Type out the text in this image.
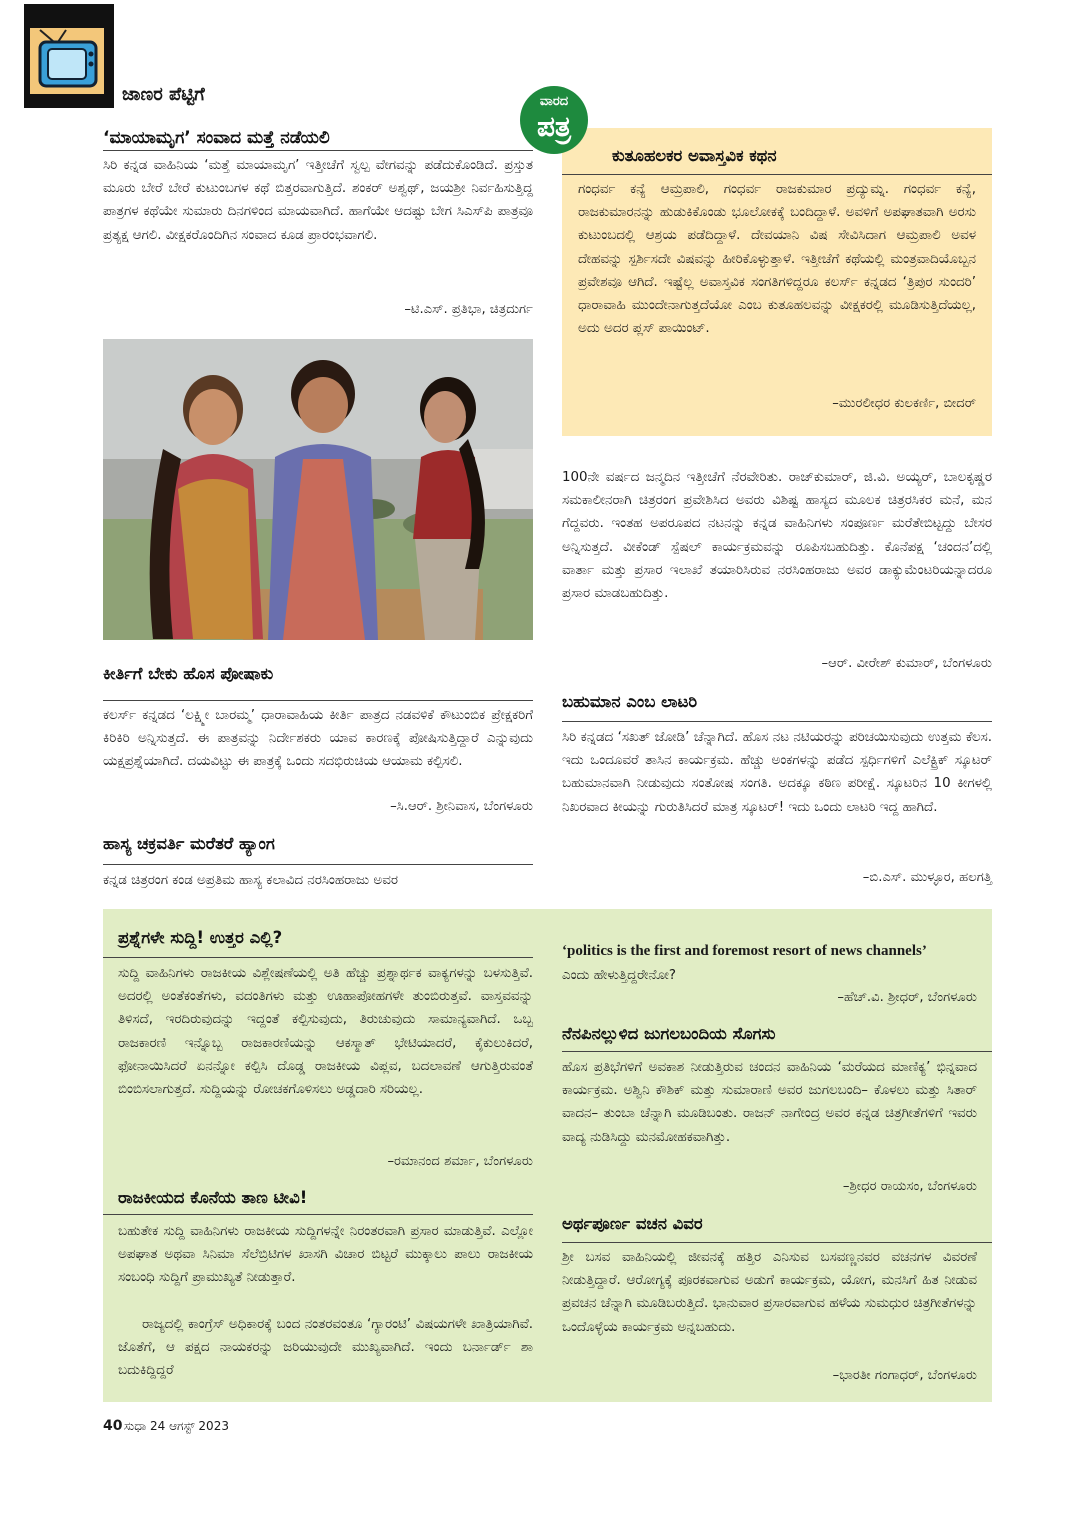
ಜಾಣರ ಪೆಟ್ಟಿಗೆ
‘ಮಾಯಾಮೃಗ’ ಸಂವಾದ ಮತ್ತೆ ನಡೆಯಲಿ

ಸಿರಿ ಕನ್ನಡ ವಾಹಿನಿಯ ‘ಮತ್ತೆ ಮಾಯಾಮೃಗ’ ಇತ್ತೀಚೆಗೆ ಸ್ವಲ್ಪ ವೇಗವನ್ನು ಪಡೆದುಕೊಂಡಿದೆ. ಪ್ರಸ್ತುತ ಮೂರು ಬೇರೆ ಬೇರೆ ಕುಟುಂಬಗಳ ಕಥೆ ಬಿತ್ತರವಾಗುತ್ತಿದೆ. ಶಂಕರ್ ಅಶ್ವಥ್, ಜಯಶ್ರೀ ನಿರ್ವಹಿಸುತ್ತಿದ್ದ ಪಾತ್ರಗಳ ಕಥೆಯೇ ಸುಮಾರು ದಿನಗಳಿಂದ ಮಾಯವಾಗಿದೆ. ಹಾಗೆಯೇ ಆದಷ್ಟು ಬೇಗ ಸಿಎಸ್‌ಪಿ ಪಾತ್ರವೂ ಪ್ರತ್ಯಕ್ಷ ಆಗಲಿ. ವೀಕ್ಷಕರೊಂದಿಗಿನ ಸಂವಾದ ಕೂಡ ಪ್ರಾರಂಭವಾಗಲಿ.

–ಟಿ.ಎಸ್. ಪ್ರತಿಭಾ, ಚಿತ್ರದುರ್ಗ

ಕೀರ್ತಿಗೆ ಬೇಕು ಹೊಸ ಪೋಷಾಕು

ಕಲರ್ಸ್ ಕನ್ನಡದ ‘ಲಕ್ಷ್ಮೀ ಬಾರಮ್ಮ’ ಧಾರಾವಾಹಿಯ ಕೀರ್ತಿ ಪಾತ್ರದ ನಡವಳಿಕೆ ಕೌಟುಂಬಿಕ ಪ್ರೇಕ್ಷಕರಿಗೆ ಕಿರಿಕಿರಿ ಅನ್ನಿಸುತ್ತದೆ. ಈ ಪಾತ್ರವನ್ನು ನಿರ್ದೇಶಕರು ಯಾವ ಕಾರಣಕ್ಕೆ ಪೋಷಿಸುತ್ತಿದ್ದಾರೆ ಎನ್ನುವುದು ಯಕ್ಷಪ್ರಶ್ನೆಯಾಗಿದೆ. ದಯವಿಟ್ಟು ಈ ಪಾತ್ರಕ್ಕೆ ಒಂದು ಸದಭಿರುಚಿಯ ಆಯಾಮ ಕಲ್ಪಿಸಲಿ.

–ಸಿ.ಆರ್. ಶ್ರೀನಿವಾಸ, ಬೆಂಗಳೂರು

ಹಾಸ್ಯ ಚಕ್ರವರ್ತಿ ಮರೆತರೆ ಹ್ಯಾಂಗ

ಕನ್ನಡ ಚಿತ್ರರಂಗ ಕಂಡ ಅಪ್ರತಿಮ ಹಾಸ್ಯ ಕಲಾವಿದ ನರಸಿಂಹರಾಜು ಅವರ

ವಾರದ
ಪತ್ರ
ಕುತೂಹಲಕರ ಅವಾಸ್ತವಿಕ ಕಥನ

ಗಂಧರ್ವ ಕನ್ಯೆ ಆಮ್ರಪಾಲಿ, ಗಂಧರ್ವ ರಾಜಕುಮಾರ ಪ್ರದ್ಯುಮ್ನ. ಗಂಧರ್ವ ಕನ್ಯೆ, ರಾಜಕುಮಾರನನ್ನು ಹುಡುಕಿಕೊಂಡು ಭೂಲೋಕಕ್ಕೆ ಬಂದಿದ್ದಾಳೆ. ಅವಳಿಗೆ ಅಪಘಾತವಾಗಿ ಅರಸು ಕುಟುಂಬದಲ್ಲಿ ಆಶ್ರಯ ಪಡೆದಿದ್ದಾಳೆ. ದೇವಯಾನಿ ವಿಷ ಸೇವಿಸಿದಾಗ ಆಮ್ರಪಾಲಿ ಅವಳ ದೇಹವನ್ನು ಸ್ಪರ್ಶಿಸದೇ ವಿಷವನ್ನು ಹೀರಿಕೊಳ್ಳುತ್ತಾಳೆ. ಇತ್ತೀಚೆಗೆ ಕಥೆಯಲ್ಲಿ ಮಂತ್ರವಾದಿಯೊಬ್ಬನ ಪ್ರವೇಶವೂ ಆಗಿದೆ. ಇಷ್ಟೆಲ್ಲ ಅವಾಸ್ತವಿಕ ಸಂಗತಿಗಳಿದ್ದರೂ ಕಲರ್ಸ್ ಕನ್ನಡದ ‘ತ್ರಿಪುರ ಸುಂದರಿ’ ಧಾರಾವಾಹಿ ಮುಂದೇನಾಗುತ್ತದೆಯೋ ಎಂಬ ಕುತೂಹಲವನ್ನು ವೀಕ್ಷಕರಲ್ಲಿ ಮೂಡಿಸುತ್ತಿದೆಯಲ್ಲ, ಅದು ಅದರ ಪ್ಲಸ್ ಪಾಯಿಂಟ್.

–ಮುರಲೀಧರ ಕುಲಕರ್ಣಿ, ಬೀದರ್

100ನೇ ವರ್ಷದ ಜನ್ಮದಿನ ಇತ್ತೀಚೆಗೆ ನೆರವೇರಿತು. ರಾಜ್‌ಕುಮಾರ್, ಜಿ.ವಿ. ಅಯ್ಯರ್, ಬಾಲಕೃಷ್ಣರ ಸಮಕಾಲೀನರಾಗಿ ಚಿತ್ರರಂಗ ಪ್ರವೇಶಿಸಿದ ಅವರು ವಿಶಿಷ್ಟ ಹಾಸ್ಯದ ಮೂಲಕ ಚಿತ್ರರಸಿಕರ ಮನೆ, ಮನ ಗೆದ್ದವರು. ಇಂತಹ ಅಪರೂಪದ ನಟನನ್ನು ಕನ್ನಡ ವಾಹಿನಿಗಳು ಸಂಪೂರ್ಣ ಮರೆತೇಬಿಟ್ಟದ್ದು ಬೇಸರ ಅನ್ನಿಸುತ್ತದೆ. ವೀಕೆಂಡ್ ಸ್ಪೆಷಲ್ ಕಾರ್ಯಕ್ರಮವನ್ನು ರೂಪಿಸಬಹುದಿತ್ತು. ಕೊನೆಪಕ್ಷ ‘ಚಂದನ’ದಲ್ಲಿ ವಾರ್ತಾ ಮತ್ತು ಪ್ರಸಾರ ಇಲಾಖೆ ತಯಾರಿಸಿರುವ ನರಸಿಂಹರಾಜು ಅವರ ಡಾಕ್ಯುಮೆಂಟರಿಯನ್ನಾದರೂ ಪ್ರಸಾರ ಮಾಡಬಹುದಿತ್ತು.

–ಆರ್. ವೀರೇಶ್ ಕುಮಾರ್, ಬೆಂಗಳೂರು

ಬಹುಮಾನ ಎಂಬ ಲಾಟರಿ

ಸಿರಿ ಕನ್ನಡದ ‘ಸಖತ್ ಜೋಡಿ’ ಚೆನ್ನಾಗಿದೆ. ಹೊಸ ನಟ ನಟಿಯರನ್ನು ಪರಿಚಯಿಸುವುದು ಉತ್ತಮ ಕೆಲಸ. ಇದು ಒಂದೂವರೆ ತಾಸಿನ ಕಾರ್ಯಕ್ರಮ. ಹೆಚ್ಚು ಅಂಕಗಳನ್ನು ಪಡೆದ ಸ್ಪರ್ಧಿಗಳಿಗೆ ಎಲೆಕ್ಟ್ರಿಕ್ ಸ್ಕೂಟರ್ ಬಹುಮಾನವಾಗಿ ನೀಡುವುದು ಸಂತೋಷ ಸಂಗತಿ. ಅದಕ್ಕೂ ಕಠಿಣ ಪರೀಕ್ಷೆ. ಸ್ಕೂಟರಿನ 10 ಕೀಗಳಲ್ಲಿ ನಿಖರವಾದ ಕೀಯನ್ನು ಗುರುತಿಸಿದರೆ ಮಾತ್ರ ಸ್ಕೂಟರ್! ಇದು ಒಂದು ಲಾಟರಿ ಇದ್ದ ಹಾಗಿದೆ.

–ಬಿ.ಎಸ್. ಮುಳ್ಳೂರ, ಹಲಗತ್ತಿ

ಪ್ರಶ್ನೆಗಳೇ ಸುದ್ದಿ! ಉತ್ತರ ಎಲ್ಲಿ?

ಸುದ್ದಿ ವಾಹಿನಿಗಳು ರಾಜಕೀಯ ವಿಶ್ಲೇಷಣೆಯಲ್ಲಿ ಅತಿ ಹೆಚ್ಚು ಪ್ರಶ್ನಾರ್ಥಕ ವಾಕ್ಯಗಳನ್ನು ಬಳಸುತ್ತಿವೆ. ಅದರಲ್ಲಿ ಅಂತೆಕಂತೆಗಳು, ವದಂತಿಗಳು ಮತ್ತು ಊಹಾಪೋಹಗಳೇ ತುಂಬಿರುತ್ತವೆ. ವಾಸ್ತವವನ್ನು ತಿಳಿಸದೆ, ಇರದಿರುವುದನ್ನು ಇದ್ದಂತೆ ಕಲ್ಪಿಸುವುದು, ತಿರುಚುವುದು ಸಾಮಾನ್ಯವಾಗಿದೆ. ಒಬ್ಬ ರಾಜಕಾರಣಿ ಇನ್ನೊಬ್ಬ ರಾಜಕಾರಣಿಯನ್ನು ಆಕಸ್ಮಾತ್ ಭೇಟಿಯಾದರೆ, ಕೈಕುಲುಕಿದರೆ, ಫೋನಾಯಿಸಿದರೆ ಏನನ್ನೋ ಕಲ್ಪಿಸಿ ದೊಡ್ಡ ರಾಜಕೀಯ ವಿಪ್ಲವ, ಬದಲಾವಣೆ ಆಗುತ್ತಿರುವಂತೆ ಬಿಂಬಿಸಲಾಗುತ್ತದೆ. ಸುದ್ದಿಯನ್ನು ರೋಚಕಗೊಳಿಸಲು ಅಡ್ಡದಾರಿ ಸರಿಯಲ್ಲ.

–ರಮಾನಂದ ಶರ್ಮಾ, ಬೆಂಗಳೂರು

ರಾಜಕೀಯದ ಕೊನೆಯ ತಾಣ ಟೀವಿ!

ಬಹುತೇಕ ಸುದ್ದಿ ವಾಹಿನಿಗಳು ರಾಜಕೀಯ ಸುದ್ದಿಗಳನ್ನೇ ನಿರಂತರವಾಗಿ ಪ್ರಸಾರ ಮಾಡುತ್ತಿವೆ. ಎಲ್ಲೋ ಅಪಘಾತ ಅಥವಾ ಸಿನಿಮಾ ಸೆಲೆಬ್ರಿಟಿಗಳ ಖಾಸಗಿ ವಿಚಾರ ಬಿಟ್ಟರೆ ಮುಕ್ಕಾಲು ಪಾಲು ರಾಜಕೀಯ ಸಂಬಂಧಿ ಸುದ್ದಿಗೆ ಪ್ರಾಮುಖ್ಯತೆ ನೀಡುತ್ತಾರೆ.

ರಾಜ್ಯದಲ್ಲಿ ಕಾಂಗ್ರೆಸ್ ಅಧಿಕಾರಕ್ಕೆ ಬಂದ ನಂತರವಂತೂ ‘ಗ್ಯಾರಂಟಿ’ ವಿಷಯಗಳೇ ಖಾತ್ರಿಯಾಗಿವೆ. ಜೊತೆಗೆ, ಆ ಪಕ್ಷದ ನಾಯಕರನ್ನು ಜರಿಯುವುದೇ ಮುಖ್ಯವಾಗಿದೆ. ಇಂದು ಬರ್ನಾರ್ಡ್ ಶಾ ಬದುಕಿದ್ದಿದ್ದರೆ

‘politics is the first and foremost resort of news channels’

ಎಂದು ಹೇಳುತ್ತಿದ್ದರೇನೋ?

–ಹೆಚ್.ವಿ. ಶ್ರೀಧರ್, ಬೆಂಗಳೂರು

ನೆನಪಿನಲ್ಲುಳಿದ ಜುಗಲಬಂದಿಯ ಸೊಗಸು

ಹೊಸ ಪ್ರತಿಭೆಗಳಿಗೆ ಅವಕಾಶ ನೀಡುತ್ತಿರುವ ಚಂದನ ವಾಹಿನಿಯ ‘ಮರೆಯದ ಮಾಣಿಕ್ಯ’ ಭಿನ್ನವಾದ ಕಾರ್ಯಕ್ರಮ. ಅಶ್ವಿನಿ ಕೌಶಿಕ್ ಮತ್ತು ಸುಮಾರಾಣಿ ಅವರ ಜುಗಲಬಂದಿ– ಕೊಳಲು ಮತ್ತು ಸಿತಾರ್ ವಾದನ– ತುಂಬಾ ಚೆನ್ನಾಗಿ ಮೂಡಿಬಂತು. ರಾಜನ್ ನಾಗೇಂದ್ರ ಅವರ ಕನ್ನಡ ಚಿತ್ರಗೀತೆಗಳಿಗೆ ಇವರು ವಾದ್ಯ ನುಡಿಸಿದ್ದು ಮನಮೋಹಕವಾಗಿತ್ತು.

–ಶ್ರೀಧರ ರಾಯಸಂ, ಬೆಂಗಳೂರು

ಅರ್ಥಪೂರ್ಣ ವಚನ ವಿವರ

ಶ್ರೀ ಬಸವ ವಾಹಿನಿಯಲ್ಲಿ ಜೀವನಕ್ಕೆ ಹತ್ತಿರ ಎನಿಸುವ ಬಸವಣ್ಣನವರ ವಚನಗಳ ವಿವರಣೆ ನೀಡುತ್ತಿದ್ದಾರೆ. ಆರೋಗ್ಯಕ್ಕೆ ಪೂರಕವಾಗುವ ಅಡುಗೆ ಕಾರ್ಯಕ್ರಮ, ಯೋಗ, ಮನಸಿಗೆ ಹಿತ ನೀಡುವ ಪ್ರವಚನ ಚೆನ್ನಾಗಿ ಮೂಡಿಬರುತ್ತಿದೆ. ಭಾನುವಾರ ಪ್ರಸಾರವಾಗುವ ಹಳೆಯ ಸುಮಧುರ ಚಿತ್ರಗೀತೆಗಳನ್ನು ಒಂದೊಳ್ಳೆಯ ಕಾರ್ಯಕ್ರಮ ಅನ್ನಬಹುದು.

–ಭಾರತೀ ಗಂಗಾಧರ್, ಬೆಂಗಳೂರು

40 ಸುಧಾ 24 ಆಗಸ್ಟ್ 2023
